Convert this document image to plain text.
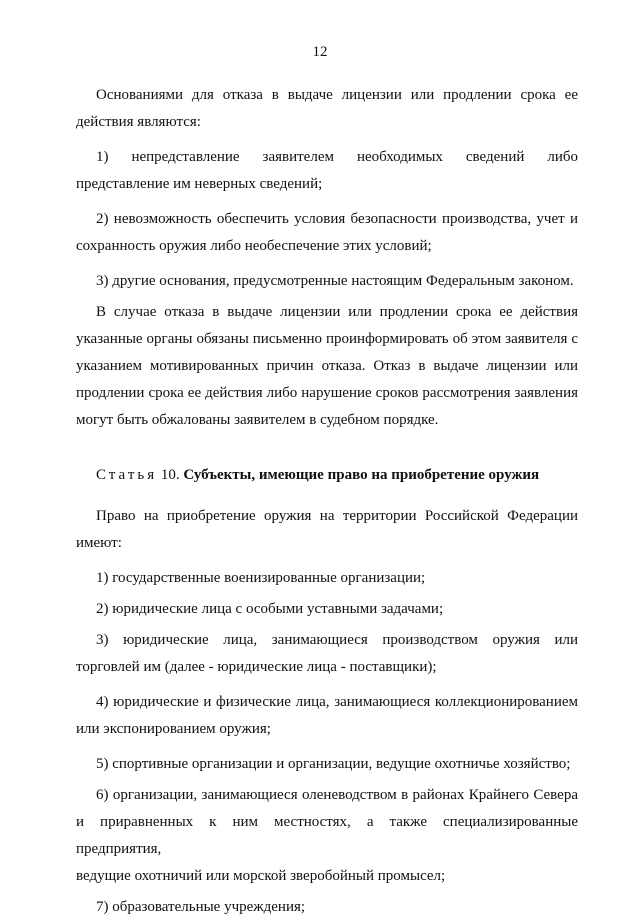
12
Основаниями для отказа в выдаче лицензии или продлении срока ее
действия являются:
1) непредставление заявителем необходимых сведений либо
представление им неверных сведений;
2) невозможность обеспечить условия безопасности производства, учет и
сохранность оружия либо необеспечение этих условий;
3) другие основания, предусмотренные настоящим Федеральным законом.
В случае отказа в выдаче лицензии или продлении срока ее действия
указанные органы обязаны письменно проинформировать об этом заявителя с
указанием мотивированных причин отказа. Отказ в выдаче лицензии или
продлении срока ее действия либо нарушение сроков рассмотрения заявления
могут быть обжалованы заявителем в судебном порядке.
Статья 10. Субъекты, имеющие право на приобретение оружия
Право на приобретение оружия на территории Российской Федерации
имеют:
1) государственные военизированные организации;
2) юридические лица с особыми уставными задачами;
3) юридические лица, занимающиеся производством оружия или
торговлей им (далее - юридические лица - поставщики);
4) юридические и физические лица, занимающиеся коллекционированием
или экспонированием оружия;
5) спортивные организации и организации, ведущие охотничье хозяйство;
6) организации, занимающиеся оленеводством в районах Крайнего Севера
и приравненных к ним местностях, а также специализированные предприятия,
ведущие охотничий или морской зверобойный промысел;
7) образовательные учреждения;
